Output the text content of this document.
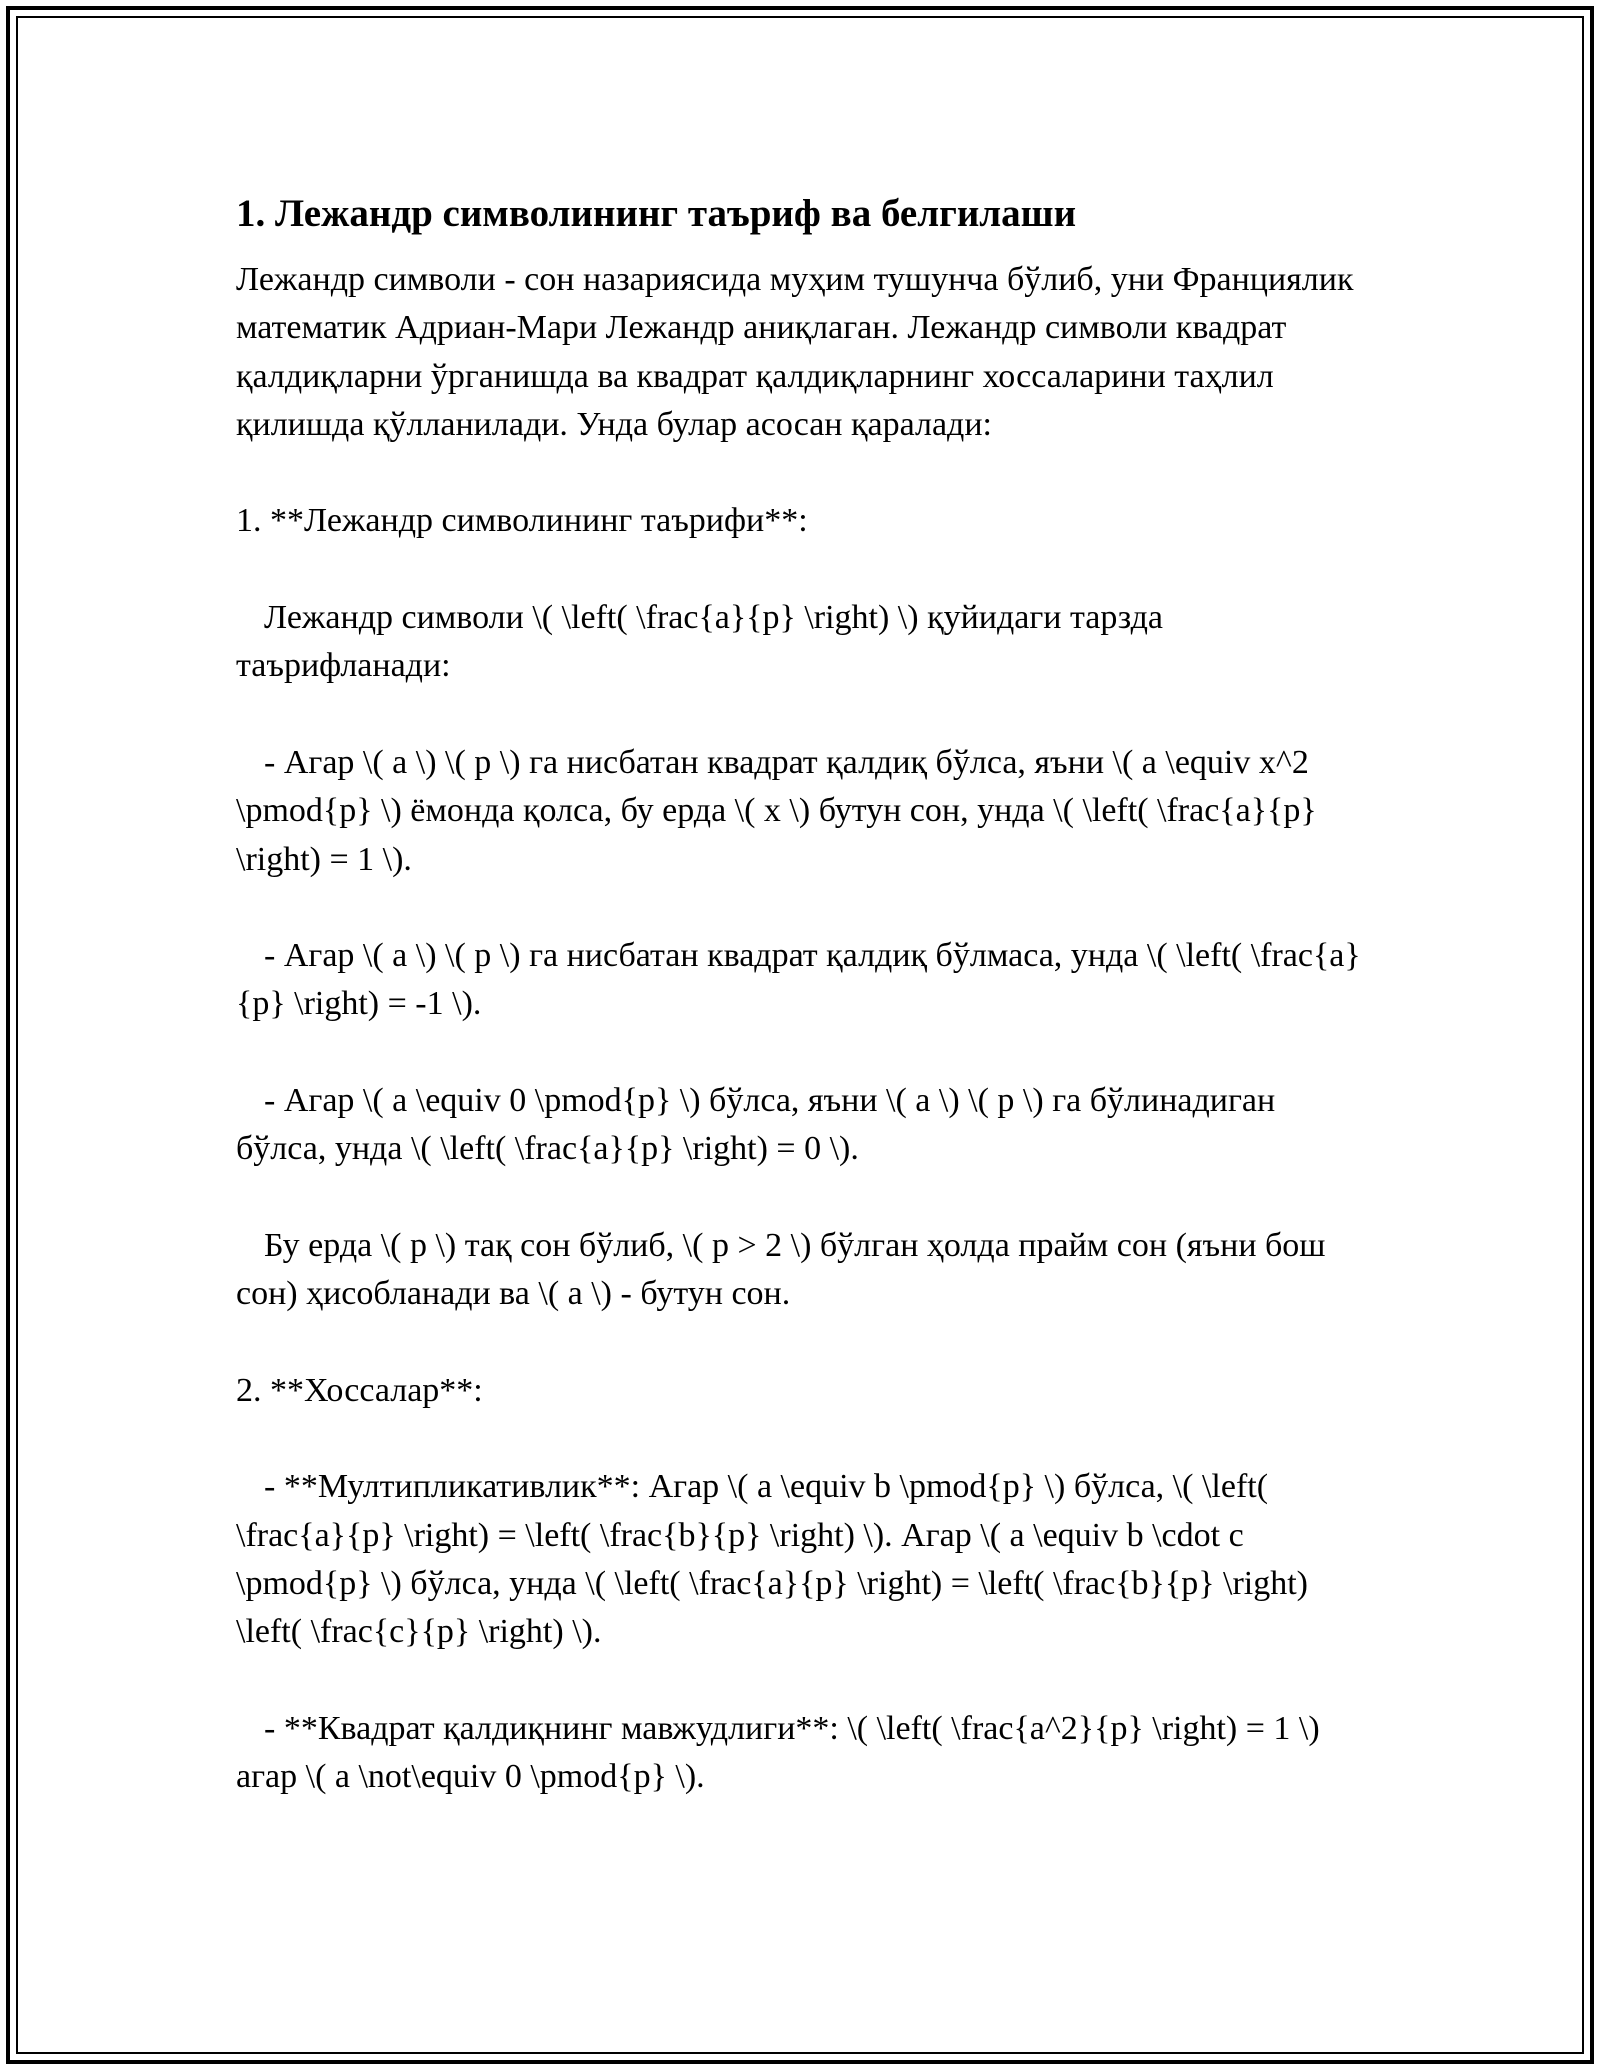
1. Лежандр символининг таъриф ва белгилаши
Лежандр символи - сон назариясида муҳим тушунча бўлиб, уни Франциялик математик Адриан-Мари Лежандр аниқлаган. Лежандр символи квадрат қалдиқларни ўрганишда ва квадрат қалдиқларнинг хоссаларини таҳлил қилишда қўлланилади. Унда булар асосан қаралади:
1. **Лежандр символининг таърифи**:
Лежандр символи \( \left( \frac{a}{p} \right) \) қуйидаги тарзда таърифланади:
- Агар \( a \) \( p \) га нисбатан квадрат қалдиқ бўлса, яъни \( a \equiv x^2 \pmod{p} \) ёмонда қолса, бу ерда \( x \) бутун сон, унда \( \left( \frac{a}{p} \right) = 1 \).
- Агар \( a \) \( p \) га нисбатан квадрат қалдиқ бўлмаса, унда \( \left( \frac{a}{p} \right) = -1 \).
- Агар \( a \equiv 0 \pmod{p} \) бўлса, яъни \( a \) \( p \) га бўлинадиган бўлса, унда \( \left( \frac{a}{p} \right) = 0 \).
Бу ерда \( p \) тақ сон бўлиб, \( p > 2 \) бўлган ҳолда прайм сон (яъни бош сон) ҳисобланади ва \( a \) - бутун сон.
2. **Хоссалар**:
- **Мултипликативлик**: Агар \( a \equiv b \pmod{p} \) бўлса, \( \left( \frac{a}{p} \right) = \left( \frac{b}{p} \right) \). Агар \( a \equiv b \cdot c \pmod{p} \) бўлса, унда \( \left( \frac{a}{p} \right) = \left( \frac{b}{p} \right) \left( \frac{c}{p} \right) \).
- **Квадрат қалдиқнинг мавжудлиги**: \( \left( \frac{a^2}{p} \right) = 1 \) агар \( a \not\equiv 0 \pmod{p} \).
